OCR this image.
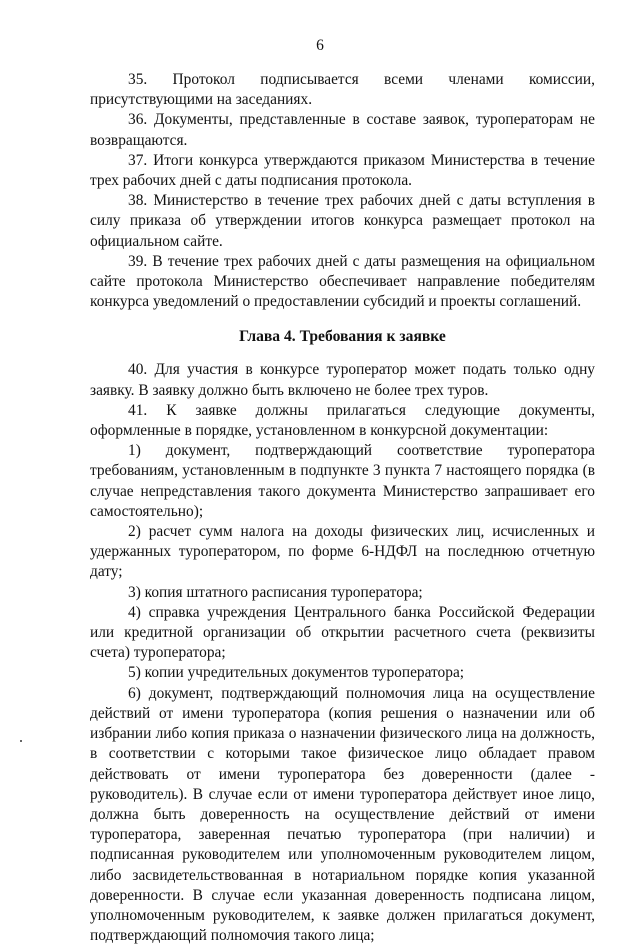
6

35. Протокол подписывается всеми членами комиссии, присутствующими на заседаниях.

36. Документы, представленные в составе заявок, туроператорам не возвращаются.

37. Итоги конкурса утверждаются приказом Министерства в течение трех рабочих дней с даты подписания протокола.

38. Министерство в течение трех рабочих дней с даты вступления в силу приказа об утверждении итогов конкурса размещает протокол на официальном сайте.

39. В течение трех рабочих дней с даты размещения на официальном сайте протокола Министерство обеспечивает направление победителям конкурса уведомлений о предоставлении субсидий и проекты соглашений.

Глава 4. Требования к заявке

40. Для участия в конкурсе туроператор может подать только одну заявку. В заявку должно быть включено не более трех туров.

41. К заявке должны прилагаться следующие документы, оформленные в порядке, установленном в конкурсной документации:

1) документ, подтверждающий соответствие туроператора требованиям, установленным в подпункте 3 пункта 7 настоящего порядка (в случае непредставления такого документа Министерство запрашивает его самостоятельно);

2) расчет сумм налога на доходы физических лиц, исчисленных и удержанных туроператором, по форме 6-НДФЛ на последнюю отчетную дату;

3) копия штатного расписания туроператора;

4) справка учреждения Центрального банка Российской Федерации или кредитной организации об открытии расчетного счета (реквизиты счета) туроператора;

5) копии учредительных документов туроператора;

6) документ, подтверждающий полномочия лица на осуществление действий от имени туроператора (копия решения о назначении или об избрании либо копия приказа о назначении физического лица на должность, в соответствии с которыми такое физическое лицо обладает правом действовать от имени туроператора без доверенности (далее - руководитель). В случае если от имени туроператора действует иное лицо, должна быть доверенность на осуществление действий от имени туроператора, заверенная печатью туроператора (при наличии) и подписанная руководителем или уполномоченным руководителем лицом, либо засвидетельствованная в нотариальном порядке копия указанной доверенности. В случае если указанная доверенность подписана лицом, уполномоченным руководителем, к заявке должен прилагаться документ, подтверждающий полномочия такого лица;
